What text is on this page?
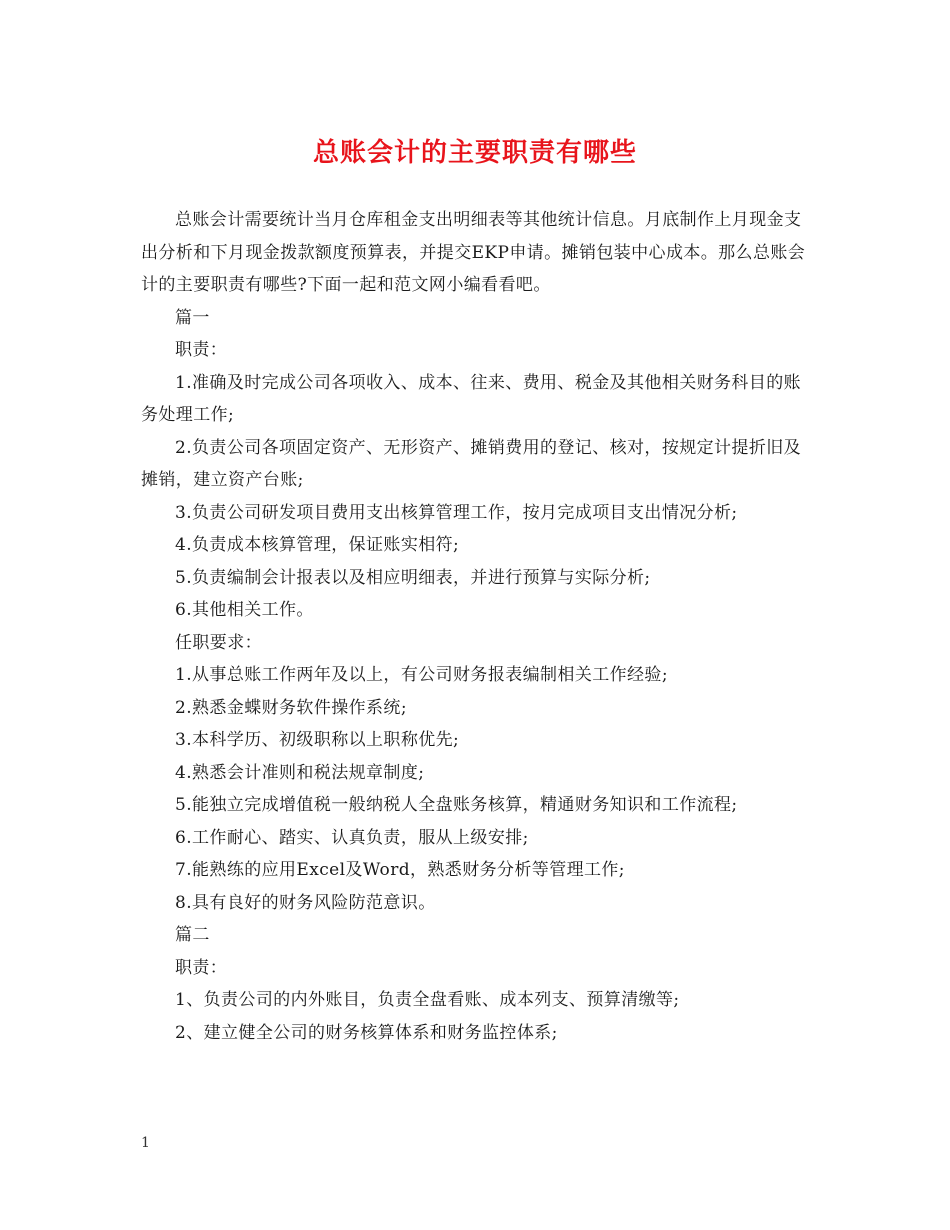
总账会计的主要职责有哪些

总账会计需要统计当月仓库租金支出明细表等其他统计信息。月底制作上月现金支出分析和下月现金拨款额度预算表，并提交EKP申请。摊销包装中心成本。那么总账会计的主要职责有哪些?下面一起和范文网小编看看吧。

篇一

职责：

1.准确及时完成公司各项收入、成本、往来、费用、税金及其他相关财务科目的账务处理工作;

2.负责公司各项固定资产、无形资产、摊销费用的登记、核对，按规定计提折旧及摊销，建立资产台账;

3.负责公司研发项目费用支出核算管理工作，按月完成项目支出情况分析;

4.负责成本核算管理，保证账实相符;

5.负责编制会计报表以及相应明细表，并进行预算与实际分析;

6.其他相关工作。

任职要求：

1.从事总账工作两年及以上，有公司财务报表编制相关工作经验;

2.熟悉金蝶财务软件操作系统;

3.本科学历、初级职称以上职称优先;

4.熟悉会计准则和税法规章制度;

5.能独立完成增值税一般纳税人全盘账务核算，精通财务知识和工作流程;

6.工作耐心、踏实、认真负责，服从上级安排;

7.能熟练的应用Excel及Word，熟悉财务分析等管理工作;

8.具有良好的财务风险防范意识。

篇二

职责：

1、负责公司的内外账目，负责全盘看账、成本列支、预算清缴等;

2、建立健全公司的财务核算体系和财务监控体系;

1
